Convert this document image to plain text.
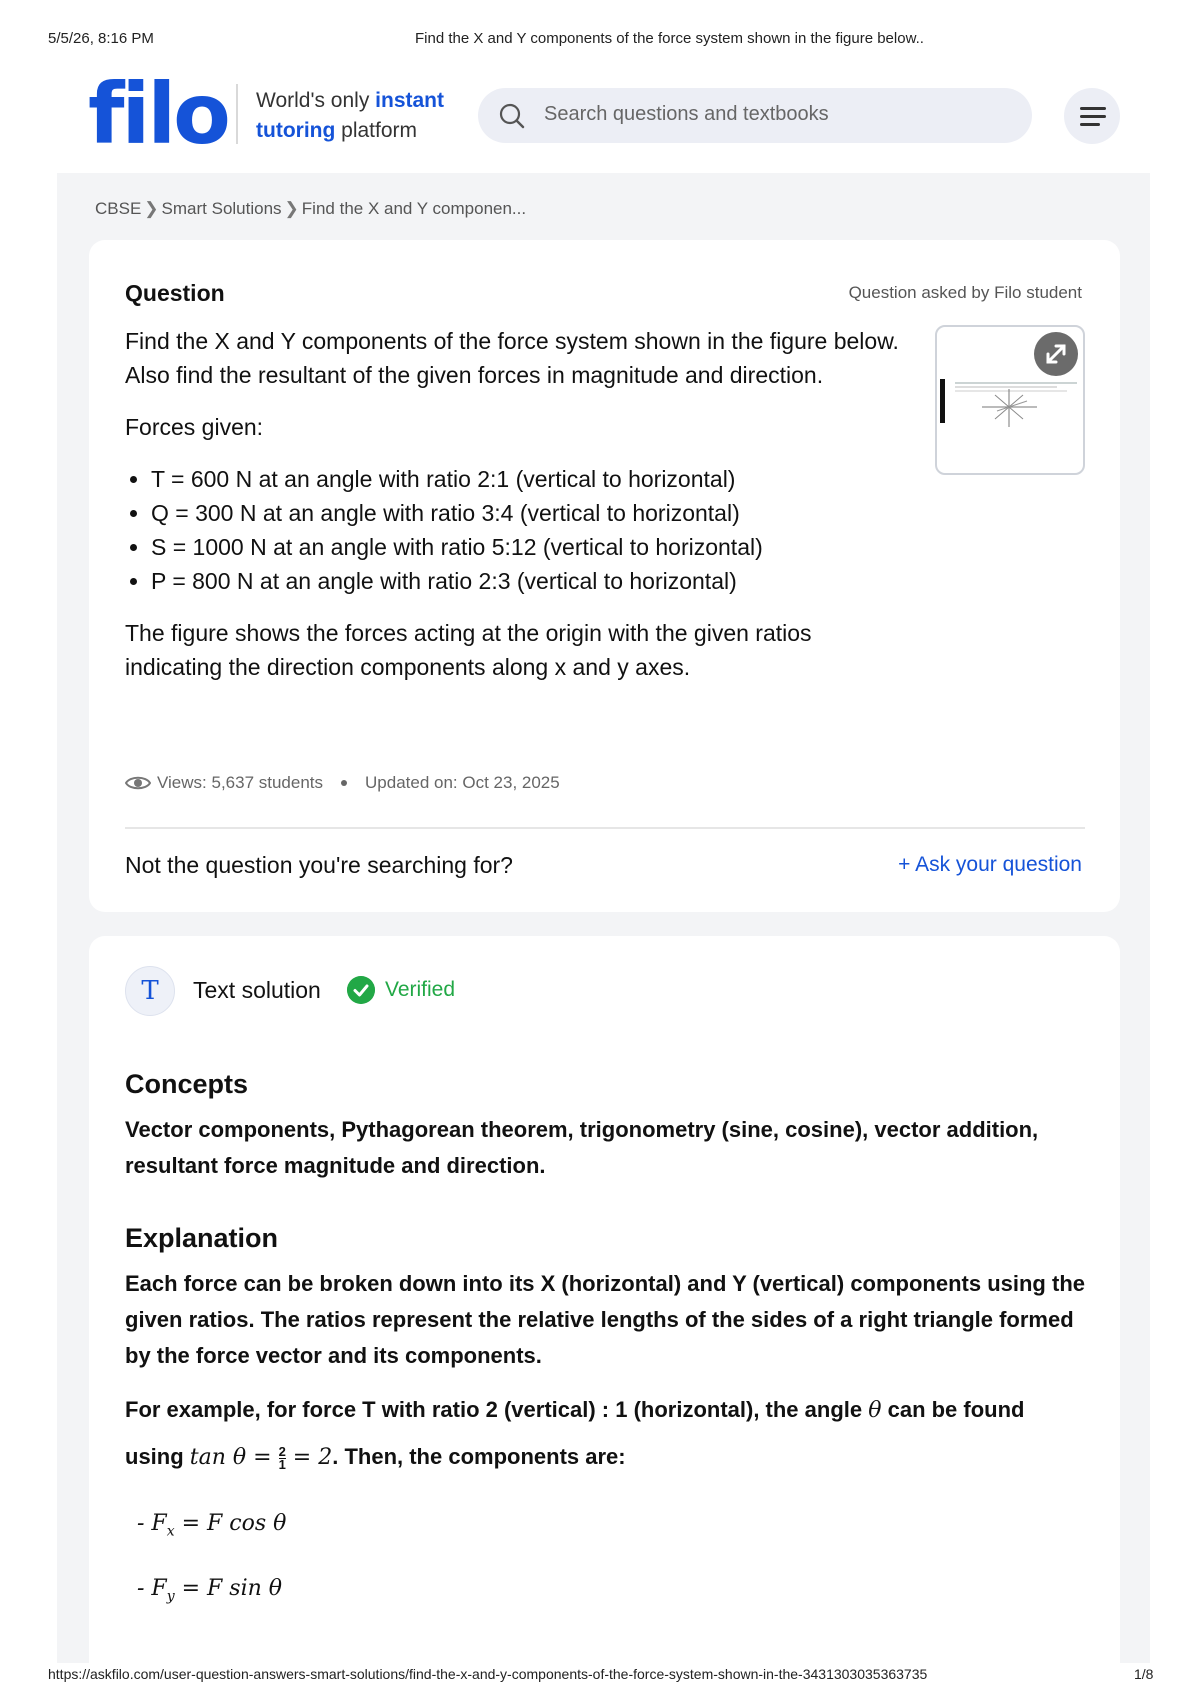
5/5/26, 8:16 PM	Find the X and Y components of the force system shown in the figure below..
filo World's only instant
tutoring platform
Search questions and textbooks
CBSE ❯ Smart Solutions ❯ Find the X and Y componen...
Question	Question asked by Filo student

Find the X and Y components of the force system shown in the figure below. Also find the resultant of the given forces in magnitude and direction.

Forces given:

• T = 600 N at an angle with ratio 2:1 (vertical to horizontal)
• Q = 300 N at an angle with ratio 3:4 (vertical to horizontal)
• S = 1000 N at an angle with ratio 5:12 (vertical to horizontal)
• P = 800 N at an angle with ratio 2:3 (vertical to horizontal)

The figure shows the forces acting at the origin with the given ratios indicating the direction components along x and y axes.

Views: 5,637 students Updated on: Oct 23, 2025
Not the question you're searching for?	+ Ask your question
T	Text solution	Verified
Concepts

Vector components, Pythagorean theorem, trigonometry (sine, cosine), vector addition, resultant force magnitude and direction.

Explanation

Each force can be broken down into its X (horizontal) and Y (vertical) components using the given ratios. The ratios represent the relative lengths of the sides of a right triangle formed by the force vector and its components.

For example, for force T with ratio 2 (vertical) : 1 (horizontal), the angle θ can be found

using $\tan \theta = \frac{2}{1} = 2$. Then, the components are:

- $F_x = F$ cos θ

- $F_y = F$ sin θ

https://askfilo.com/user-question-answers-smart-solutions/find-the-x-and-y-components-of-the-force-system-shown-in-the-3431303035363735	1/8
